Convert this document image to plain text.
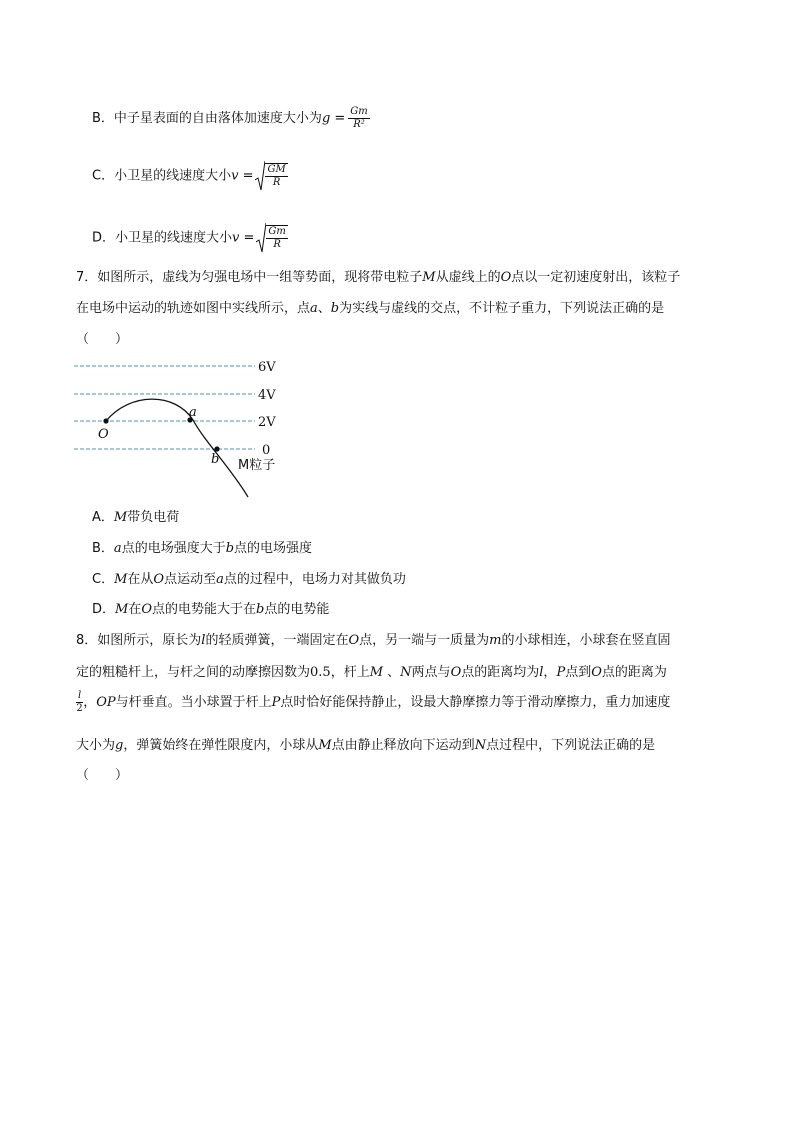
B．中子星表面的自由落体加速度大小为$g = \frac{Gm}{\text{R²}}$
C．小卫星的线速度大小$v = \frac{GM}{R}$
D．小卫星的线速度大小$v = \frac{Gm}{R}$
7．如图所示，虚线为匀强电场中一组等势面，现将带电粒子M从虚线上的O点以一定初速度射出，该粒子
在电场中运动的轨迹如图中实线所示，点a、b为实线与虚线的交点，不计粒子重力，下列说法正确的是
（　　）
6V
4V
2V
0
O
a
b M粒子
A．M带负电荷
B．a点的电场强度大于b点的电场强度
C．M在从O点运动至a点的过程中，电场力对其做负功
D．M在O点的电势能大于在b点的电势能
8．如图所示，原长为l的轻质弹簧，一端固定在O点，另一端与一质量为m的小球相连，小球套在竖直固
定的粗糙杆上，与杆之间的动摩擦因数为0.5，杆上M 、N两点与O点的距离均为l，P点到O点的距离为
$\frac{l}{2}$ ，OP与杆垂直。当小球置于杆上P点时恰好能保持静止，设最大静摩擦力等于滑动摩擦力，重力加速度
大小为g，弹簧始终在弹性限度内，小球从M点由静止释放向下运动到N点过程中，下列说法正确的是
（　　）
